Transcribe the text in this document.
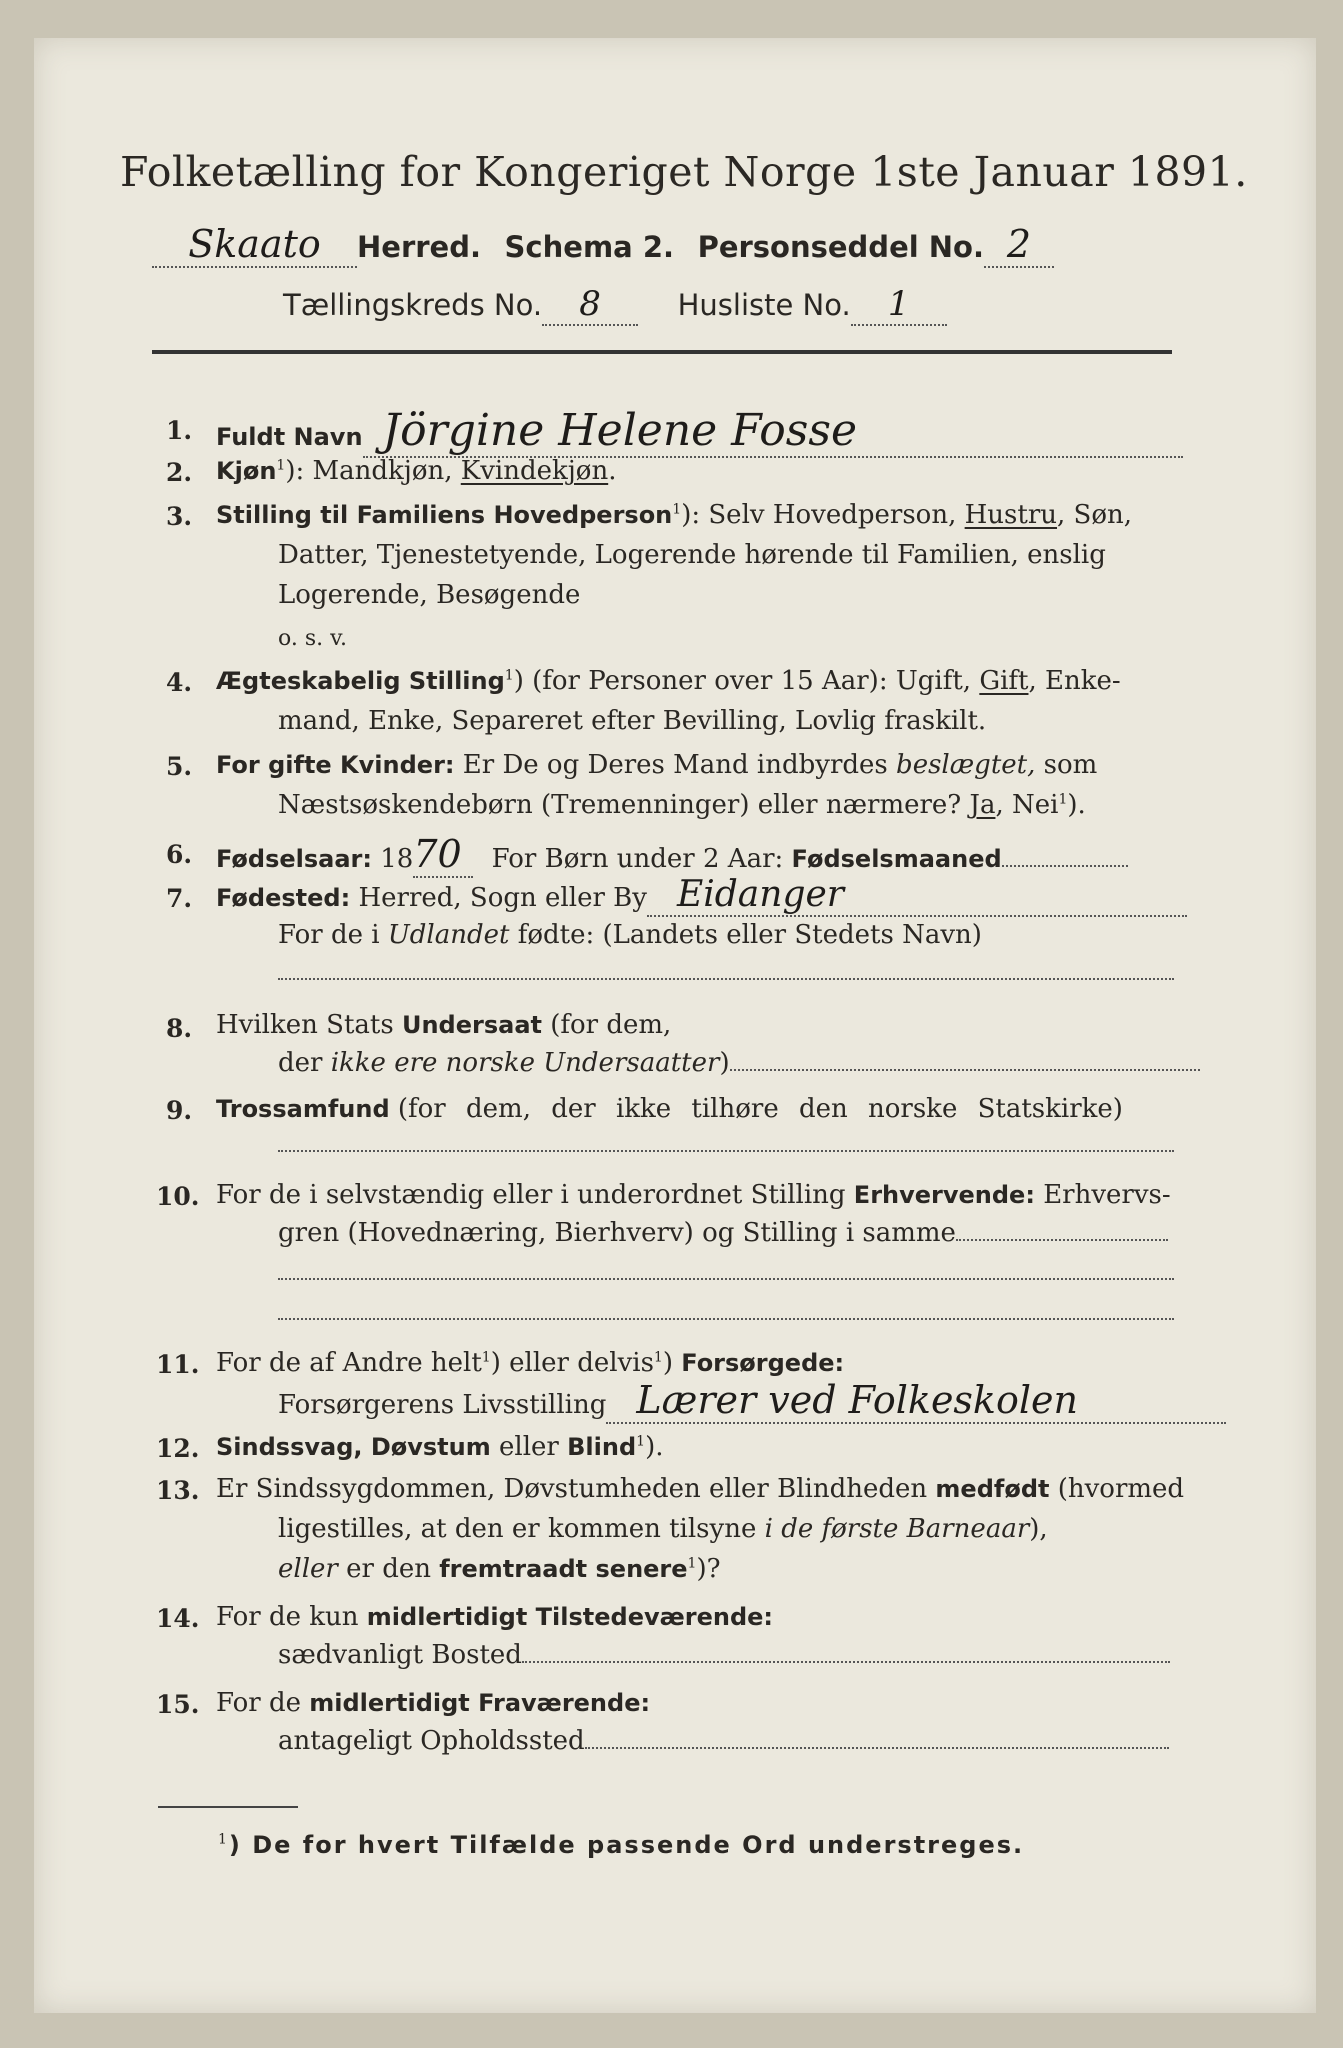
Folketælling for Kongeriget Norge 1ste Januar 1891.
Skaato Herred. Schema 2. Personseddel No. 2
Tællingskreds No. 8	Husliste No. 1
1. Fuldt Navn Jörgine Helene Fosse
2. Kjøn$^1$): Mandkjøn, Kvindekjøn.
3. Stilling til Familiens Hovedperson$^1$): Selv Hovedperson, Hustru, Søn,
Datter, Tjenestetyende, Logerende hørende til Familien, enslig
Logerende, Besøgende
o. s. v.
4. Ægteskabelig Stilling$^1$) (for Personer over 15 Aar): Ugift, Gift, Enke-
mand, Enke, Separeret efter Bevilling, Lovlig fraskilt.
5. For gifte Kvinder: Er De og Deres Mand indbyrdes beslægtet, som
Næstsøskendebørn (Tremenninger) eller nærmere? Ja, Nei$^1$).
6. Fødselsaar: 1870 For Børn under 2 Aar: Fødselsmaaned
7. Fødested: Herred, Sogn eller By Eidanger
For de i Udlandet fødte: (Landets eller Stedets Navn)
8. Hvilken Stats Undersaat (for dem,
der ikke ere norske Undersaatter)
9. Trossamfund (for dem, der ikke tilhøre den norske Statskirke)
10. For de i selvstændig eller i underordnet Stilling Erhvervende: Erhvervs-
gren (Hovednæring, Bierhverv) og Stilling i samme
11. For de af Andre helt$^1$) eller delvis$^1$) Forsørgede:
Forsørgerens Livsstilling Lærer ved Folkeskolen
12. Sindssvag, Døvstum eller Blind$^1$).
13. Er Sindssygdommen, Døvstumheden eller Blindheden medfødt (hvormed
ligestilles, at den er kommen tilsyne i de første Barneaar),
eller er den fremtraadt senere$^1$)?
14. For de kun midlertidigt Tilstedeværende:
sædvanligt Bosted
15. For de midlertidigt Fraværende:
antageligt Opholdssted
$^1$) De for hvert Tilfælde passende Ord understreges.
